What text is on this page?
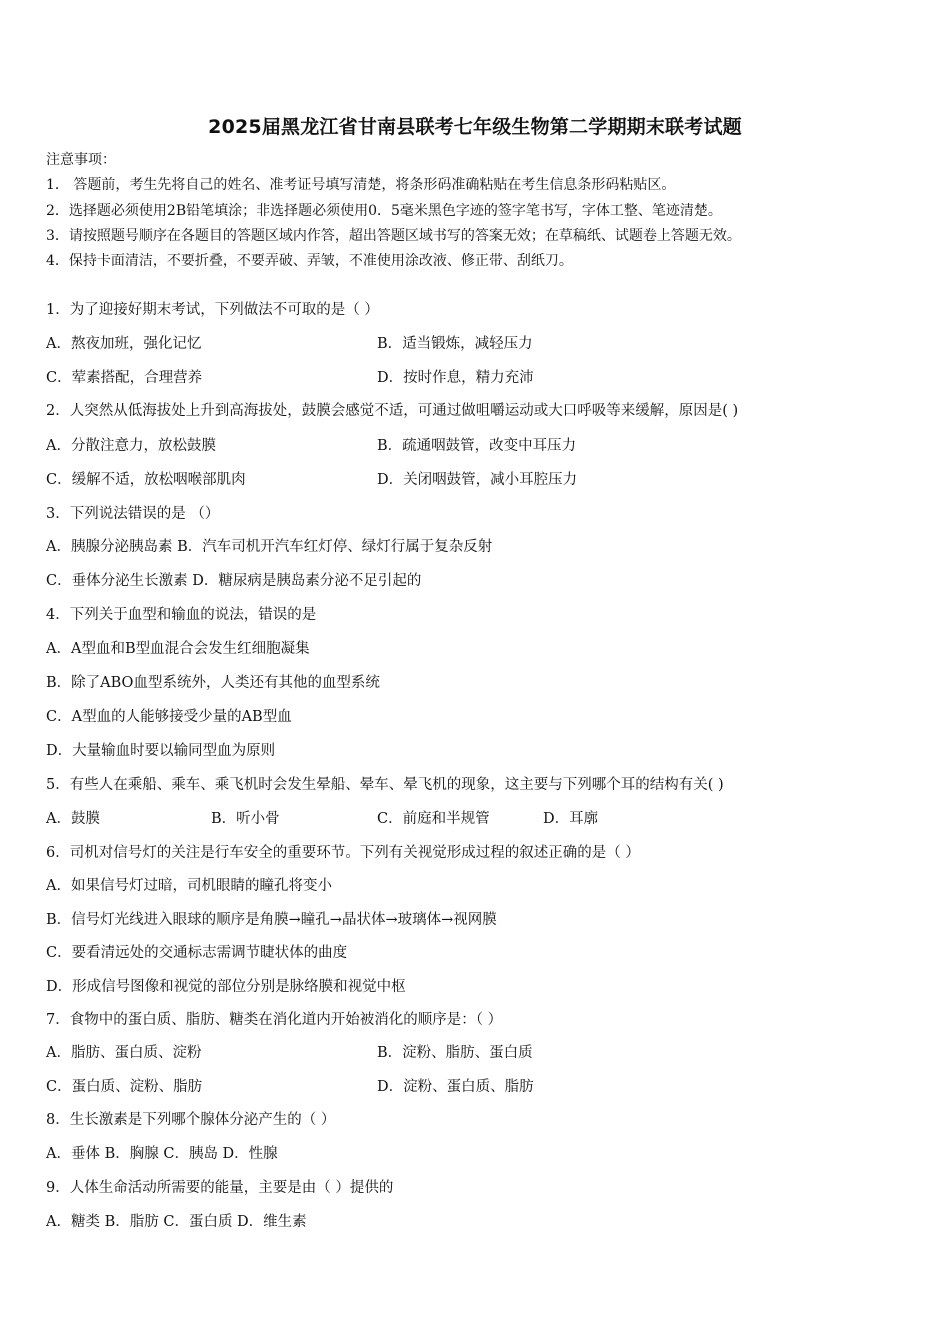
2025届黑龙江省甘南县联考七年级生物第二学期期末联考试题
注意事项：
1． 答题前，考生先将自己的姓名、准考证号填写清楚，将条形码准确粘贴在考生信息条形码粘贴区。
2．选择题必须使用2B铅笔填涂；非选择题必须使用0．5毫米黑色字迹的签字笔书写，字体工整、笔迹清楚。
3．请按照题号顺序在各题目的答题区域内作答，超出答题区域书写的答案无效；在草稿纸、试题卷上答题无效。
4．保持卡面清洁，不要折叠，不要弄破、弄皱，不准使用涂改液、修正带、刮纸刀。
1．为了迎接好期末考试，下列做法不可取的是（ ）
A．熬夜加班，强化记忆	B．适当锻炼，减轻压力
C．荤素搭配，合理营养	D．按时作息，精力充沛
2．人突然从低海拔处上升到高海拔处，鼓膜会感觉不适，可通过做咀嚼运动或大口呼吸等来缓解，原因是( )
A．分散注意力，放松鼓膜	B．疏通咽鼓管，改变中耳压力
C．缓解不适，放松咽喉部肌肉	D．关闭咽鼓管，减小耳腔压力
3．下列说法错误的是 （）
A．胰腺分泌胰岛素 B．汽车司机开汽车红灯停、绿灯行属于复杂反射
C．垂体分泌生长激素 D．糖尿病是胰岛素分泌不足引起的
4．下列关于血型和输血的说法，错误的是
A．A型血和B型血混合会发生红细胞凝集
B．除了ABO血型系统外，人类还有其他的血型系统
C．A型血的人能够接受少量的AB型血
D．大量输血时要以输同型血为原则
5．有些人在乘船、乘车、乘飞机时会发生晕船、晕车、晕飞机的现象，这主要与下列哪个耳的结构有关( )
A．鼓膜	B．听小骨	C．前庭和半规管	D．耳廓
6．司机对信号灯的关注是行车安全的重要环节。下列有关视觉形成过程的叙述正确的是（ ）
A．如果信号灯过暗，司机眼睛的瞳孔将变小
B．信号灯光线进入眼球的顺序是角膜→瞳孔→晶状体→玻璃体→视网膜
C．要看清远处的交通标志需调节睫状体的曲度
D．形成信号图像和视觉的部位分别是脉络膜和视觉中枢
7．食物中的蛋白质、脂肪、糖类在消化道内开始被消化的顺序是：（ ）
A．脂肪、蛋白质、淀粉	B．淀粉、脂肪、蛋白质
C．蛋白质、淀粉、脂肪	D．淀粉、蛋白质、脂肪
8．生长激素是下列哪个腺体分泌产生的（ ）
A．垂体 B．胸腺 C．胰岛 D．性腺
9．人体生命活动所需要的能量，主要是由（ ）提供的
A．糖类 B．脂肪 C．蛋白质 D．维生素
